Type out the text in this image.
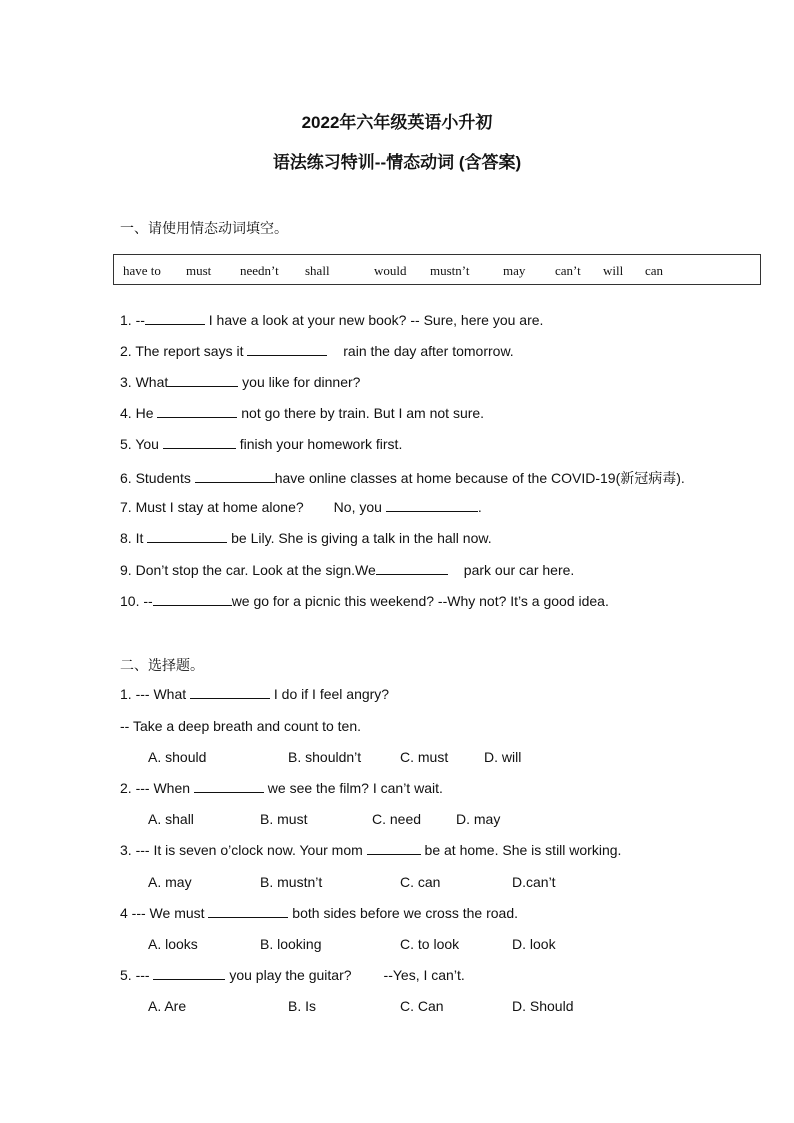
2022年六年级英语小升初
语法练习特训--情态动词 (含答案)
一、请使用情态动词填空。
have to must needn’t shall	would mustn’t	may can’t will can
1. --	I have a look at your new book? -- Sure, here you are.
2. The report says it	rain the day after tomorrow.
3. What	you like for dinner?
4. He	not go there by train. But I am not sure.
5. You	finish your homework first.
6. Students	have online classes at home because of the COVID-19(新冠病毒).
7. Must I stay at home alone? No, you	.
8. It	be Lily. She is giving a talk in the hall now.
9. Don’t stop the car. Look at the sign.We	park our car here.
10. --	we go for a picnic this weekend? --Why not? It’s a good idea.
二、选择题。
1. --- What	I do if I feel angry?
-- Take a deep breath and count to ten.
A. should	B. shouldn’t	C. must	D. will
2. --- When	we see the film? I can’t wait.
A. shall	B. must	C. need D. may
3. --- It is seven o’clock now. Your mom	be at home. She is still working.
A. may	B. mustn’t	C. can	D.can’t
4 --- We must	both sides before we cross the road.
A. looks	B. looking	C. to look	D. look
5. ---	you play the guitar? --Yes, I can’t.
A. Are	B. Is	C. Can	D. Should
